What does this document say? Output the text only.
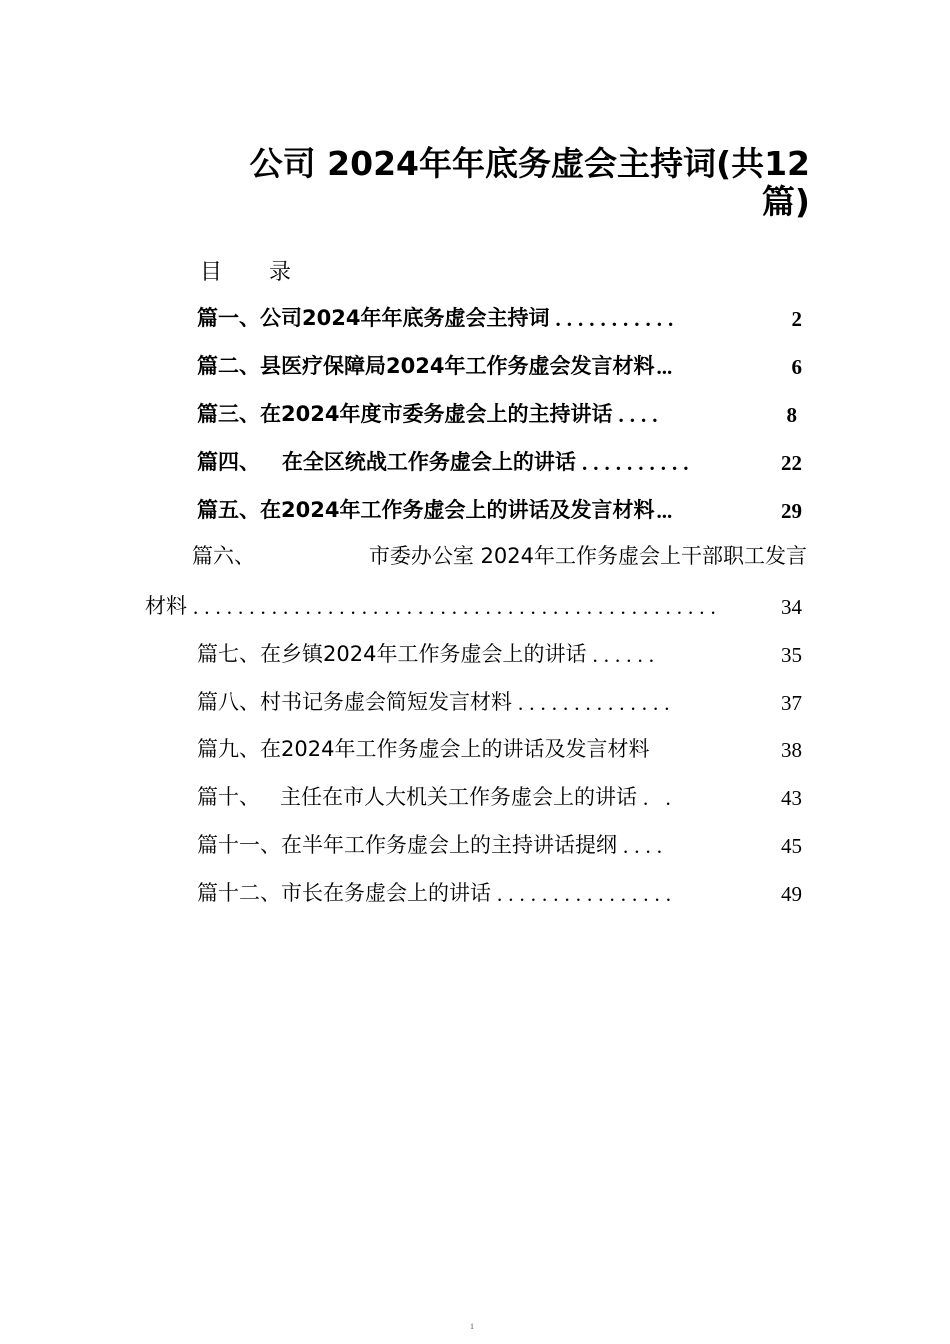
公司 2024年年底务虚会主持词(共12
篇)
目 录
篇一、公司2024年年底务虚会主持词 ...........	2
篇二、县医疗保障局2024年工作务虚会发言材料 ...	6
篇三、在2024年度市委务虚会上的主持讲话 ....	8
篇四、   在全区统战工作务虚会上的讲话 ..........	22
篇五、在2024年工作务虚会上的讲话及发言材料 ...	29
篇六、	市委办公室 2024年工作务虚会上干部职工发言
材料 ...............................................	34
篇七、在乡镇2024年工作务虚会上的讲话 ......	35
篇八、村书记务虚会简短发言材料 ..............	37
篇九、在2024年工作务虚会上的讲话及发言材料	38
篇十、   主任在市人大机关工作务虚会上的讲话 . .	43
篇十一、在半年工作务虚会上的主持讲话提纲 ....	45
篇十二、市长在务虚会上的讲话 ................	49
1
